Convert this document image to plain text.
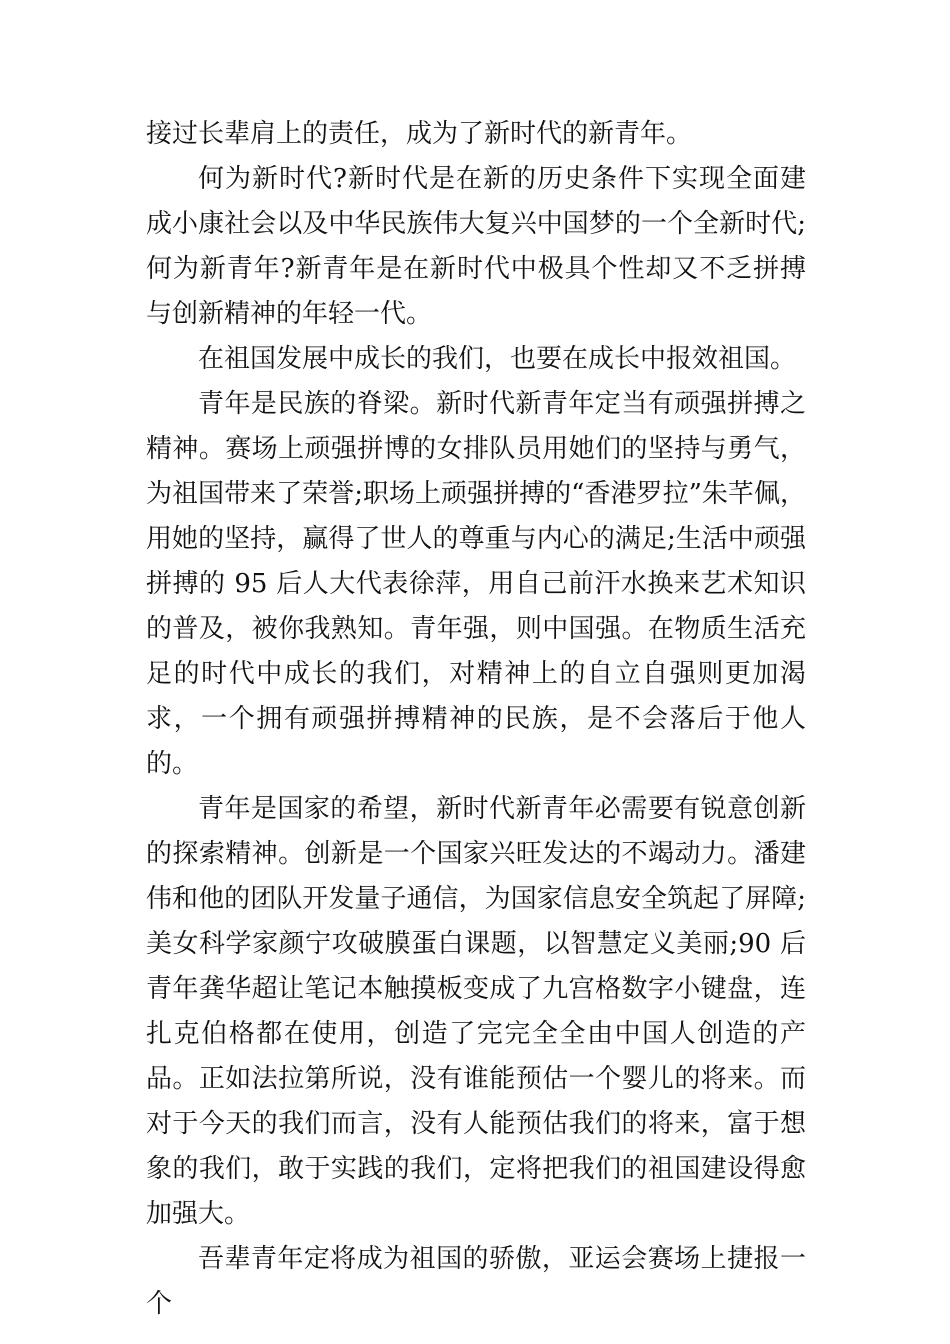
接过长辈肩上的责任，成为了新时代的新青年。

何为新时代?新时代是在新的历史条件下实现全面建成小康社会以及中华民族伟大复兴中国梦的一个全新时代;何为新青年?新青年是在新时代中极具个性却又不乏拼搏与创新精神的年轻一代。

在祖国发展中成长的我们，也要在成长中报效祖国。

青年是民族的脊梁。新时代新青年定当有顽强拼搏之精神。赛场上顽强拼博的女排队员用她们的坚持与勇气，为祖国带来了荣誉;职场上顽强拼搏的“香港罗拉”朱芊佩，用她的坚持，赢得了世人的尊重与内心的满足;生活中顽强拼搏的 95 后人大代表徐萍，用自己前汗水换来艺术知识的普及，被你我熟知。青年强，则中国强。在物质生活充足的时代中成长的我们，对精神上的自立自强则更加渴求，一个拥有顽强拼搏精神的民族，是不会落后于他人的。

青年是国家的希望，新时代新青年必需要有锐意创新的探索精神。创新是一个国家兴旺发达的不竭动力。潘建伟和他的团队开发量子通信，为国家信息安全筑起了屏障;美女科学家颜宁攻破膜蛋白课题，以智慧定义美丽;90 后青年龚华超让笔记本触摸板变成了九宫格数字小键盘，连扎克伯格都在使用，创造了完完全全由中国人创造的产品。正如法拉第所说，没有谁能预估一个婴儿的将来。而对于今天的我们而言，没有人能预估我们的将来，富于想象的我们，敢于实践的我们，定将把我们的祖国建设得愈加强大。

吾辈青年定将成为祖国的骄傲，亚运会赛场上捷报一个
